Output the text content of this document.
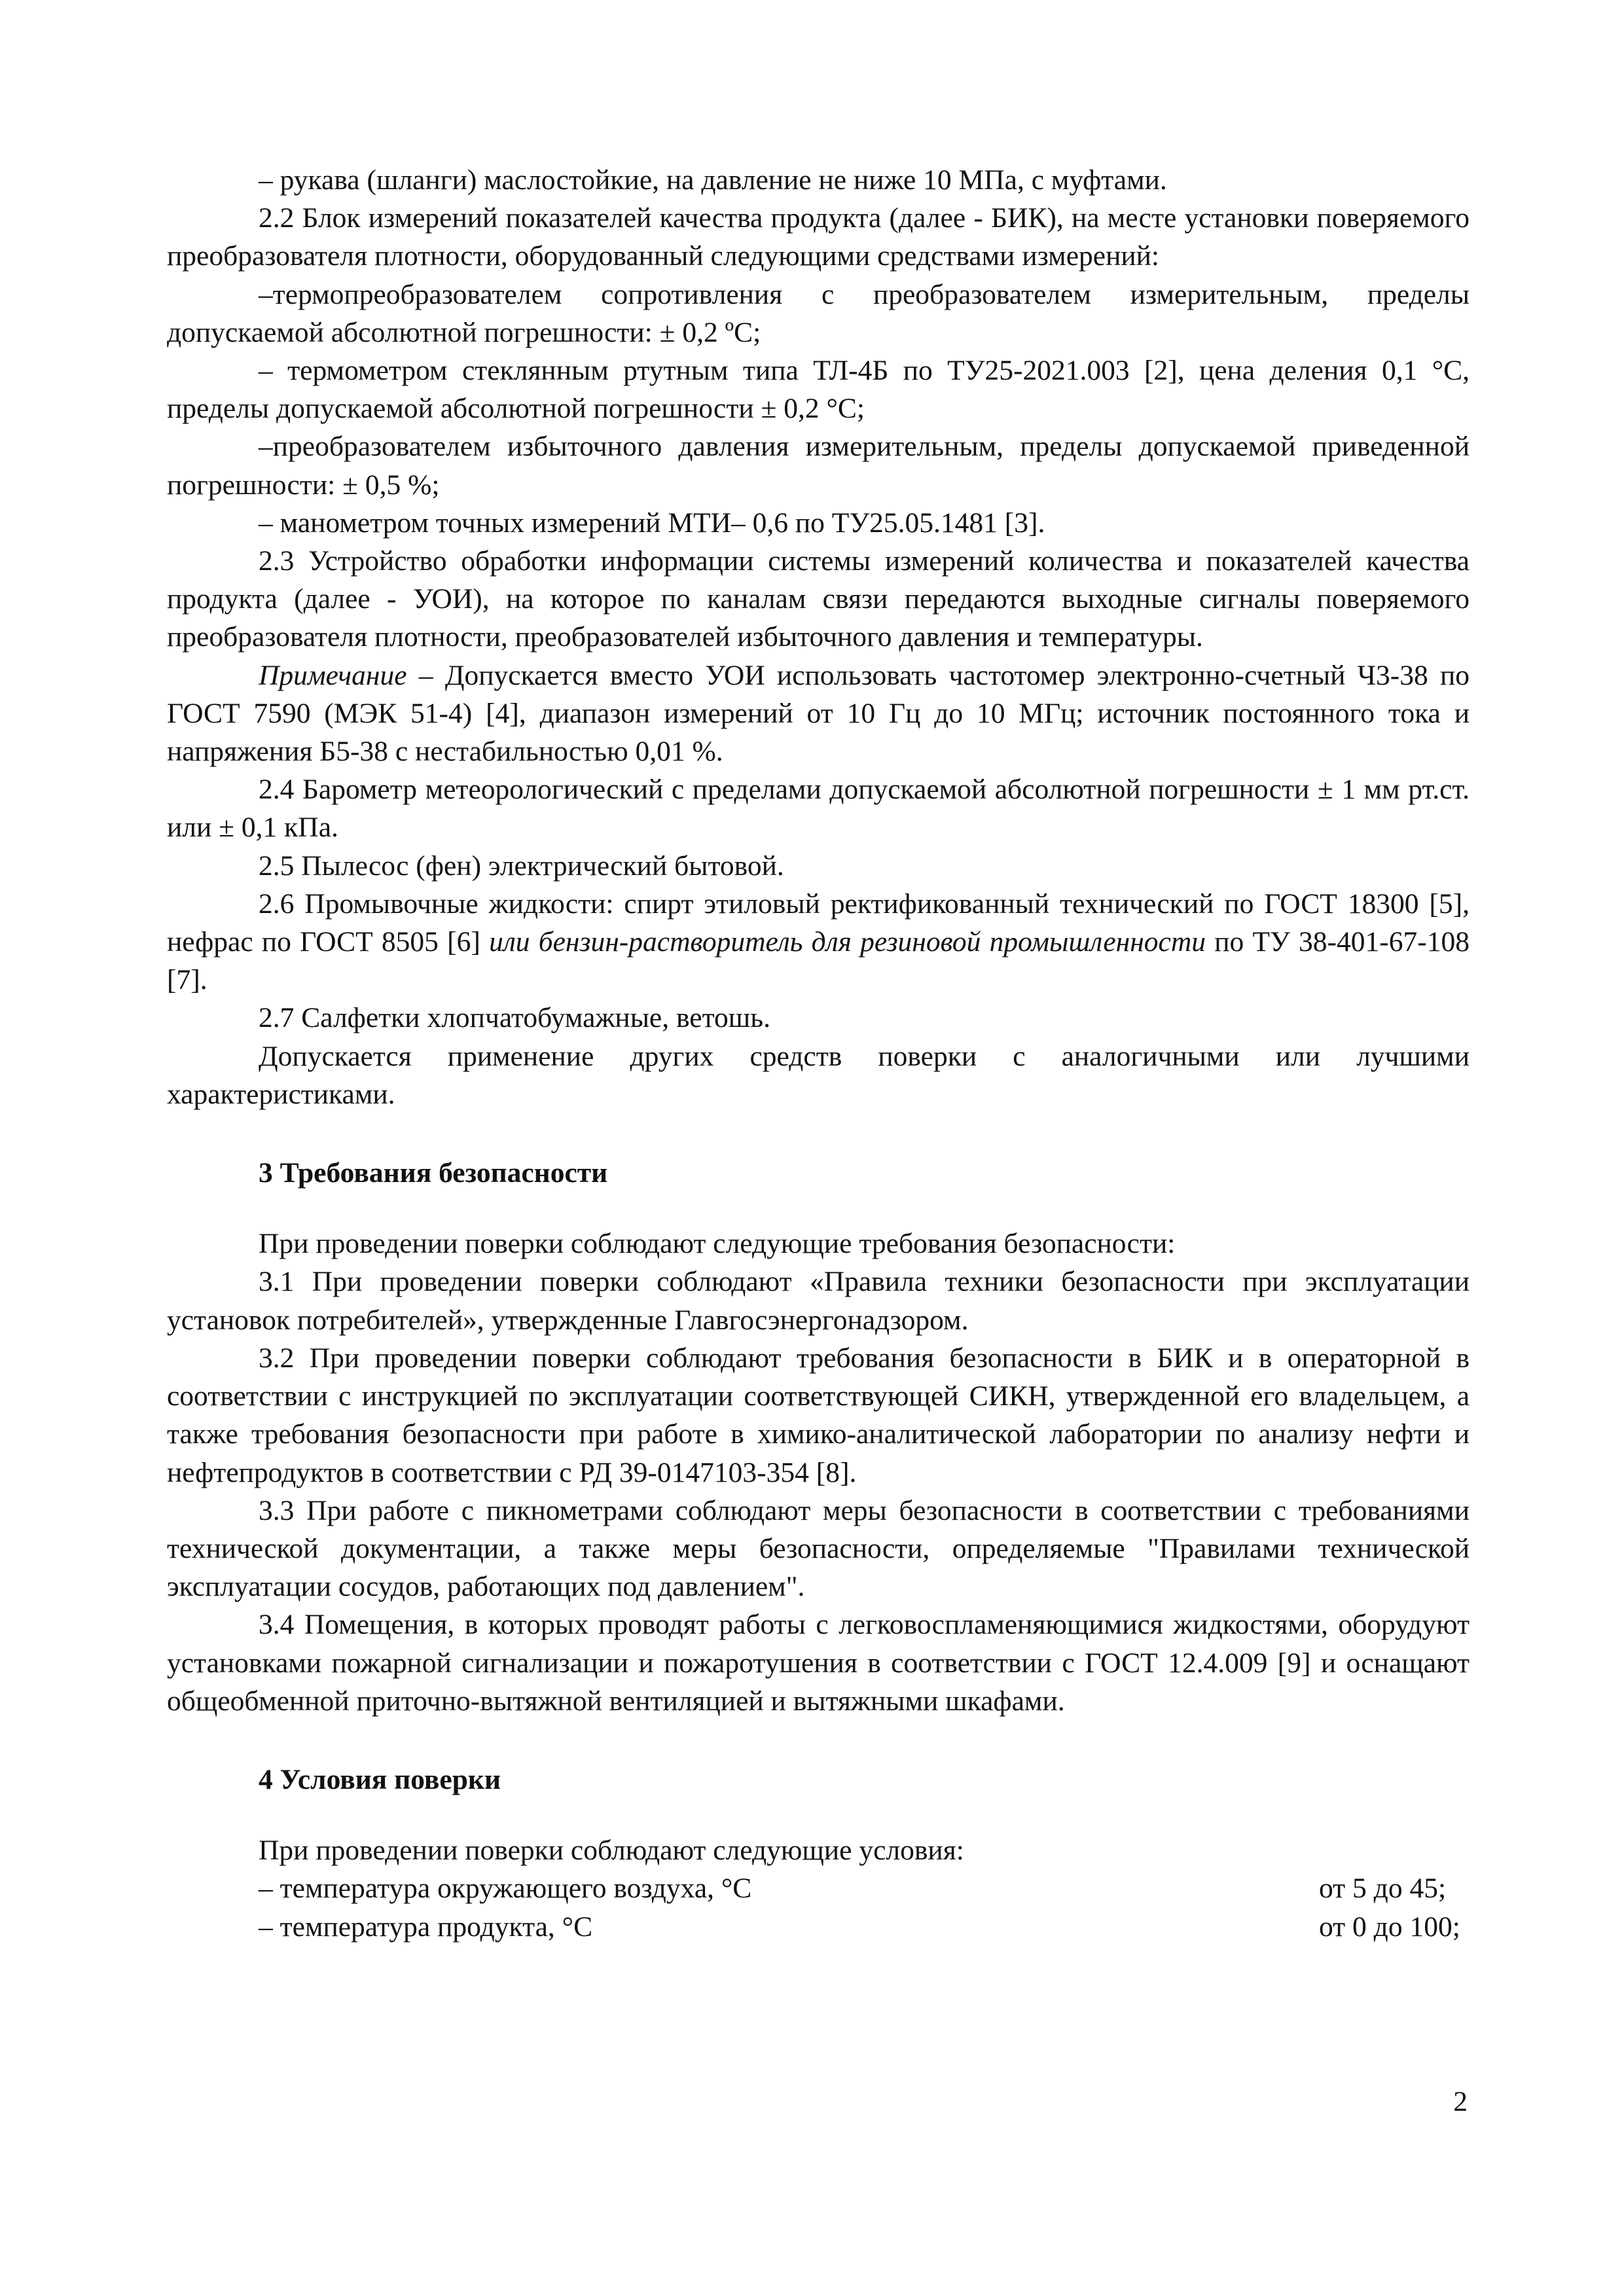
– рукава (шланги) маслостойкие, на давление не ниже 10 МПа, с муфтами.

2.2 Блок измерений показателей качества продукта (далее - БИК), на месте установки поверяемого преобразователя плотности, оборудованный следующими средствами измерений:

–термопреобразователем сопротивления с преобразователем измерительным, пределы допускаемой абсолютной погрешности: ± 0,2 ºС;

– термометром стеклянным ртутным типа ТЛ-4Б по ТУ25-2021.003 [2], цена деления 0,1 °С, пределы допускаемой абсолютной погрешности ± 0,2 °С;

–преобразователем избыточного давления измерительным, пределы допускаемой приведенной погрешности: ± 0,5 %;

– манометром точных измерений МТИ– 0,6 по ТУ25.05.1481 [3].

2.3 Устройство обработки информации системы измерений количества и показателей качества продукта (далее - УОИ), на которое по каналам связи передаются выходные сигналы поверяемого преобразователя плотности, преобразователей избыточного давления и температуры.

Примечание – Допускается вместо УОИ использовать частотомер электронно-счетный Ч3-38 по ГОСТ 7590 (МЭК 51-4) [4], диапазон измерений от 10 Гц до 10 МГц; источник постоянного тока и напряжения Б5-38 с нестабильностью 0,01 %.

2.4 Барометр метеорологический с пределами допускаемой абсолютной погрешности ± 1 мм рт.ст. или ± 0,1 кПа.

2.5 Пылесос (фен) электрический бытовой.

2.6 Промывочные жидкости: спирт этиловый ректификованный технический по ГОСТ 18300 [5], нефрас по ГОСТ 8505 [6] или бензин-растворитель для резиновой промышленности по ТУ 38-401-67-108 [7].

2.7 Салфетки хлопчатобумажные, ветошь.

Допускается применение других средств поверки с аналогичными или лучшими характеристиками.

3 Требования безопасности

При проведении поверки соблюдают следующие требования безопасности:

3.1 При проведении поверки соблюдают «Правила техники безопасности при эксплуатации установок потребителей», утвержденные Главгосэнергонадзором.

3.2 При проведении поверки соблюдают требования безопасности в БИК и в операторной в соответствии с инструкцией по эксплуатации соответствующей СИКН, утвержденной его владельцем, а также требования безопасности при работе в химико-аналитической лаборатории по анализу нефти и нефтепродуктов в соответствии с РД 39-0147103-354 [8].

3.3 При работе с пикнометрами соблюдают меры безопасности в соответствии с требованиями технической документации, а также меры безопасности, определяемые "Правилами технической эксплуатации сосудов, работающих под давлением".

3.4 Помещения, в которых проводят работы с легковоспламеняющимися жидкостями, оборудуют установками пожарной сигнализации и пожаротушения в соответствии с ГОСТ 12.4.009 [9] и оснащают общеобменной приточно-вытяжной вентиляцией и вытяжными шкафами.

4 Условия поверки

При проведении поверки соблюдают следующие условия:

– температура окружающего воздуха, °С	от 5 до 45;
– температура продукта, °С	от 0 до 100;
2
